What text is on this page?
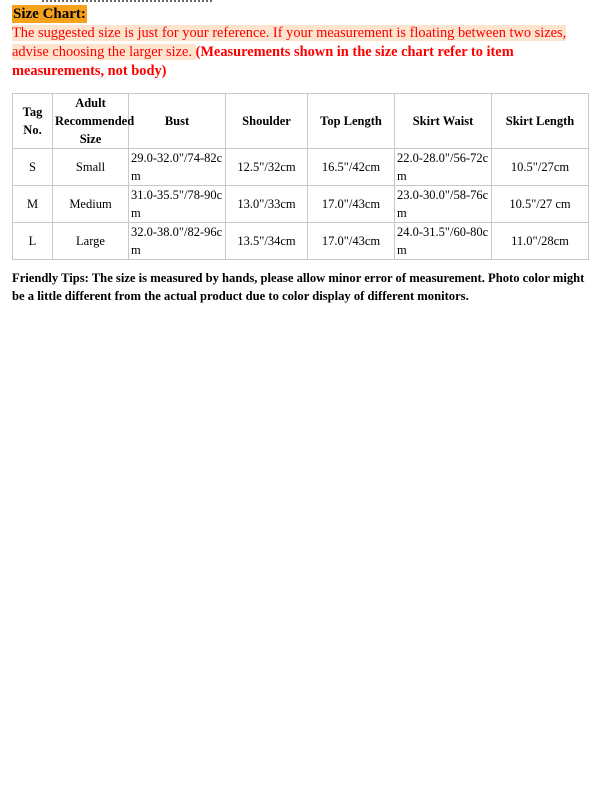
Size Chart:

The suggested size is just for your reference. If your measurement is floating between two sizes, advise choosing the larger size. (Measurements shown in the size chart refer to item measurements, not body)

Tag No.	Adult Recommended Size	Bust	Shoulder	Top Length	Skirt Waist	Skirt Length
S	Small	29.0-32.0"/74-82cm	12.5"/32cm	16.5"/42cm	22.0-28.0"/56-72cm	10.5"/27cm
M	Medium	31.0-35.5"/78-90cm	13.0"/33cm	17.0"/43cm	23.0-30.0"/58-76cm	10.5"/27 cm
L	Large	32.0-38.0"/82-96cm	13.5"/34cm	17.0"/43cm	24.0-31.5"/60-80cm	11.0"/28cm
Friendly Tips: The size is measured by hands, please allow minor error of measurement. Photo color might be a little different from the actual product due to color display of different monitors.
